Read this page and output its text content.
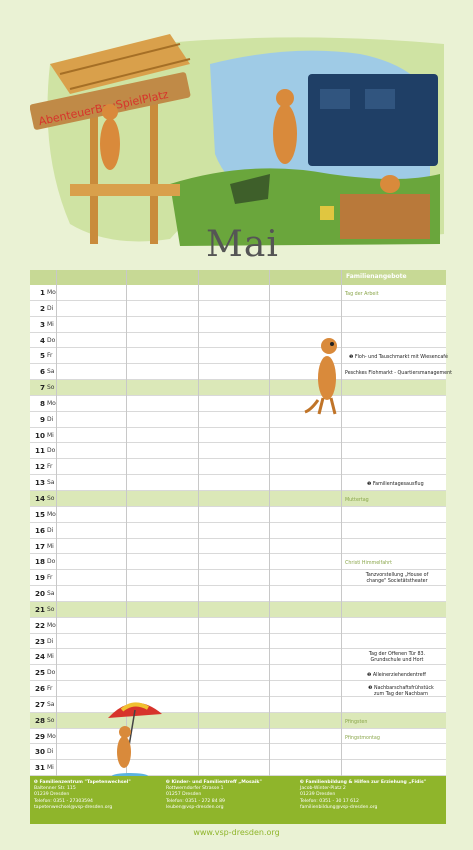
Mai
Familienangebote
1 Mo
2 Di
3 Mi
4 Do
5 Fr
6 Sa
7 So
8 Mo
9 Di
10 Mi
11 Do
12 Fr
13 Sa
14 So
15 Mo
16 Di
17 Mi
18 Do
19 Fr
20 Sa
21 So
22 Mo
23 Di
24 Mi
25 Do
26 Fr
27 Sa
28 So
29 Mo
30 Di
31 Mi
Tag der Arbeit
❶ Floh- und Tauschmarkt mit Wiesencafé
Peschkes Flohmarkt - Quartiersmanagement
❶ Familientagesausflug
Muttertag
Christi Himmelfahrt
Tanzvorstellung „House of change" Societätstheater
Tag der Offenen Tür 83. Grundschule und Hort
❷ Alleinerziehendentreff
❸ Nachbarschaftsfrühstück zum Tag der Nachbarn
Pfingsten
Pfingstmontag
❶ Familienzentrum "Tapetenwechsel"
Baltenner Str. 115
01239 Dresden
Telefon: 0351 - 27303594
tapetenwechsel@vsp-dresden.org
❷ Kinder- und Familientreff „Mosaik"
Rottwerndorfer Strasse 1
01257 Dresden
Telefon: 0351 - 272 84 89
leuben@vsp-dresden.org
❸ Familienbildung & Hilfen zur Erziehung „Fidis"
Jacob-Winter-Platz 2
01239 Dresden
Telefon: 0351 - 30 17 612
familienbildung@vsp-dresden.org
www.vsp-dresden.org
